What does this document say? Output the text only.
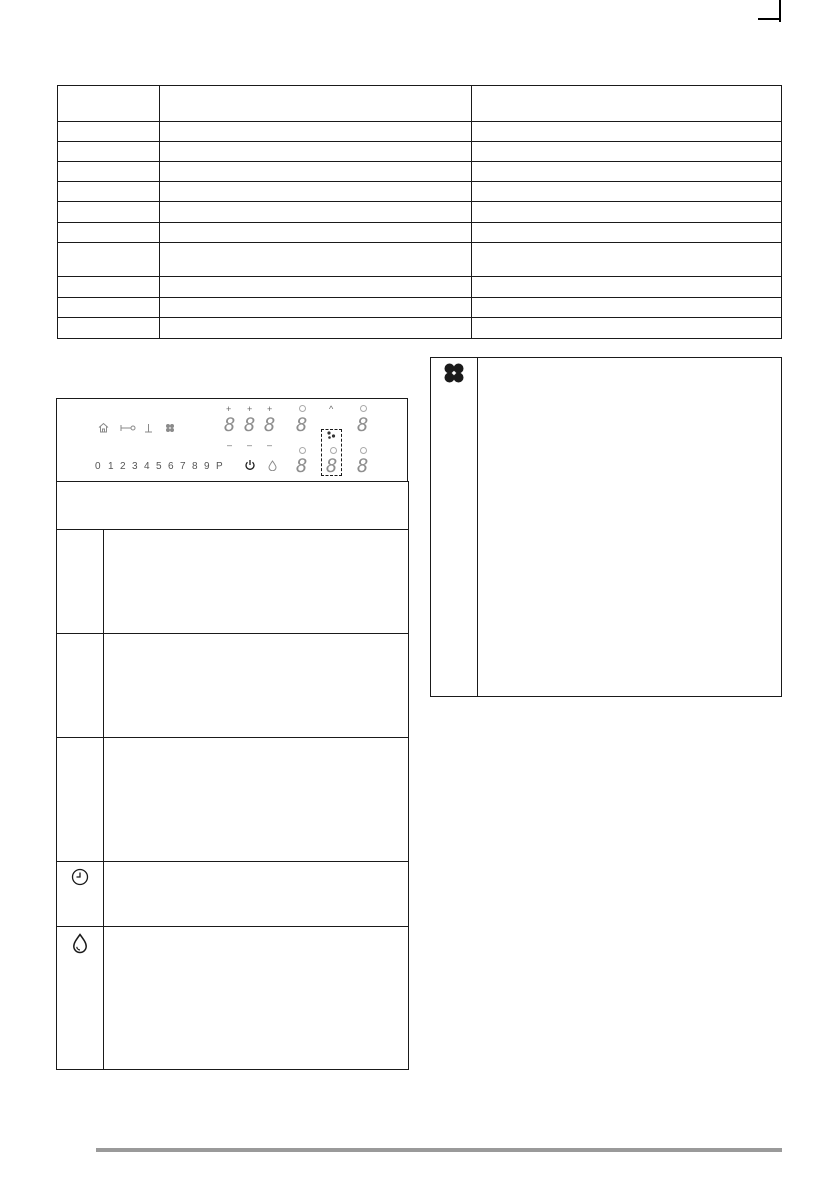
+ + +
8 8 8 8	8
– – –
^
8 8 8
0 1 2 3 4 5 6 7 8 9 P
